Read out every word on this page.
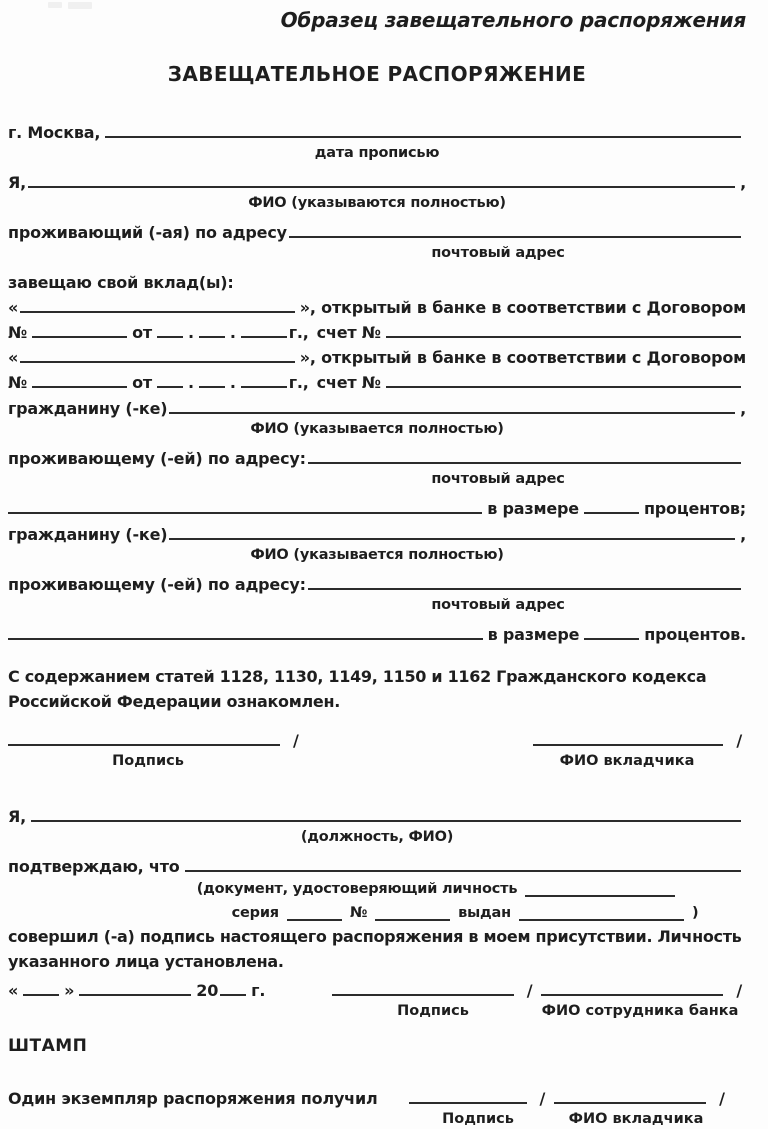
Образец завещательного распоряжения
ЗАВЕЩАТЕЛЬНОЕ РАСПОРЯЖЕНИЕ
г. Москва,
дата прописью
Я,	,
ФИО (указываются полностью)
проживающий (-ая) по адресу
почтовый адрес
завещаю свой вклад(ы):
«	», открытый в банке в соответствии с Договором
№	от . .	г., счет №
«	», открытый в банке в соответствии с Договором
№	от . .	г., счет №
гражданину (-ке)	,
ФИО (указывается полностью)
проживающему (-ей) по адресу:
почтовый адрес
в размере	процентов;
гражданину (-ке)	,
ФИО (указывается полностью)
проживающему (-ей) по адресу:
почтовый адрес
в размере	процентов.
С содержанием статей 1128, 1130, 1149, 1150 и 1162 Гражданского кодекса
Российской Федерации ознакомлен.
/	/
Подпись	ФИО вкладчика
Я,
(должность, ФИО)
подтверждаю, что
(документ, удостоверяющий личность
серия	№	выдан	)
совершил (-а) подпись настоящего распоряжения в моем присутствии. Личность
указанного лица установлена.
«	»	20 г.	/	/
Подпись	ФИО сотрудника банка
ШТАМП
Один экземпляр распоряжения получил	/	/
Подпись	ФИО вкладчика
